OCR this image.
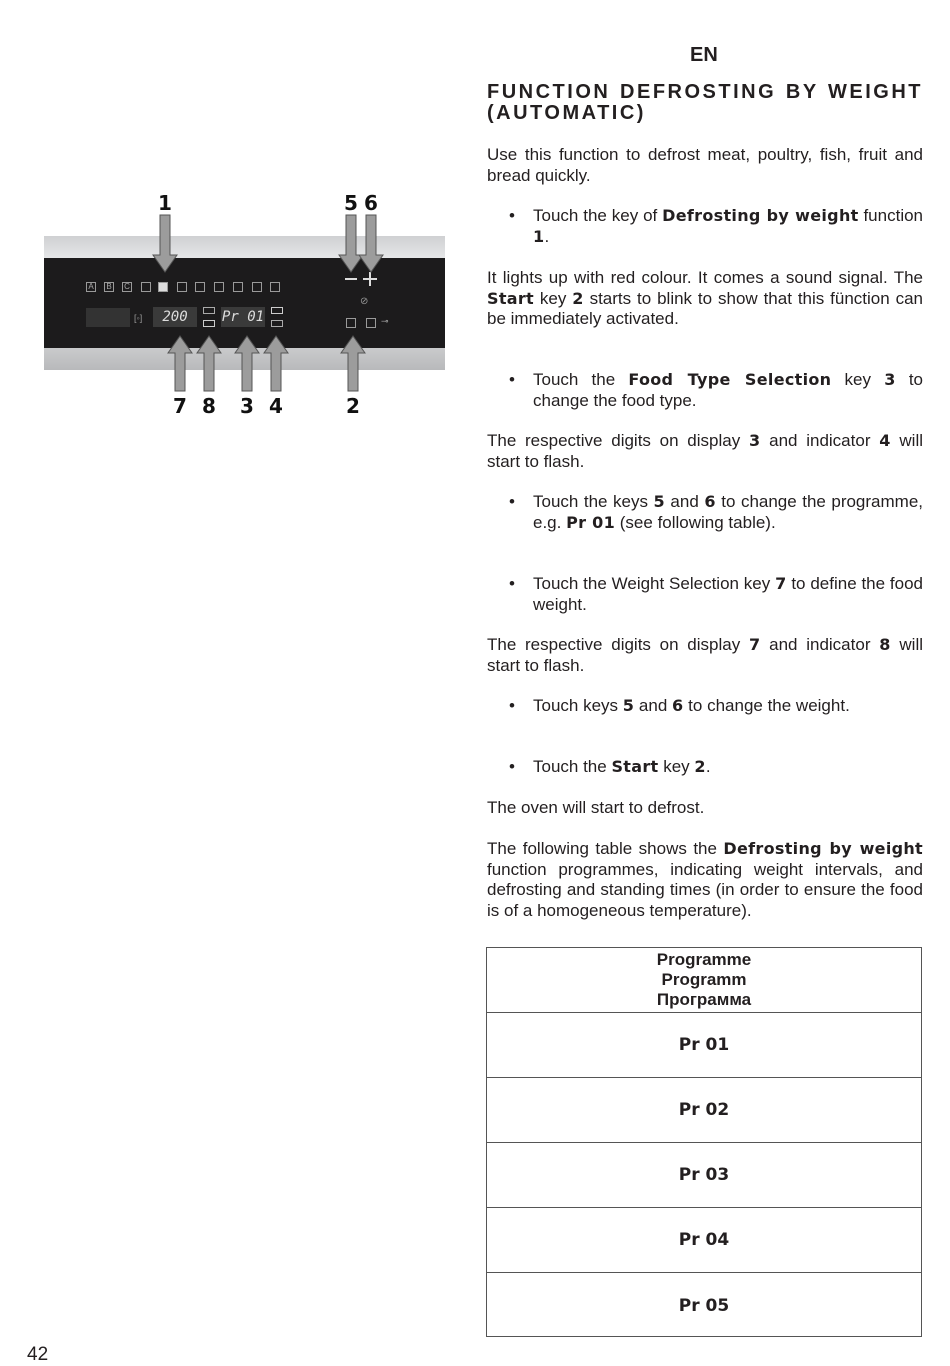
EN
FUNCTION DEFROSTING BY WEIGHT
(AUTOMATIC)
Use this function to defrost meat, poultry, fish, fruit and bread quickly.
• Touch the key of Defrosting by weight function 1.
It lights up with red colour. It comes a sound signal. The Start key 2 starts to blink to show that this fünction can be immediately activated.
• Touch the Food Type Selection key 3 to change the food type.
The respective digits on display 3 and indicator 4 will start to flash.
• Touch the keys 5 and 6 to change the programme, e.g. Pr 01 (see following table).
• Touch the Weight Selection key 7 to define the food weight.
The respective digits on display 7 and indicator 8 will start to flash.
• Touch keys 5 and 6 to change the weight.
• Touch the Start key 2.
The oven will start to defrost.
The following table shows the Defrosting by weight function programmes, indicating weight intervals, and defrosting and standing times (in order to ensure the food is of a homogeneous temperature).
Programme
Programm
Программа
Pr 01
Pr 02
Pr 03
Pr 04
Pr 05
A B C
[◦]	200	Pr 01
⊘
⊸
1	5 6
7 8 3 4	2
42
